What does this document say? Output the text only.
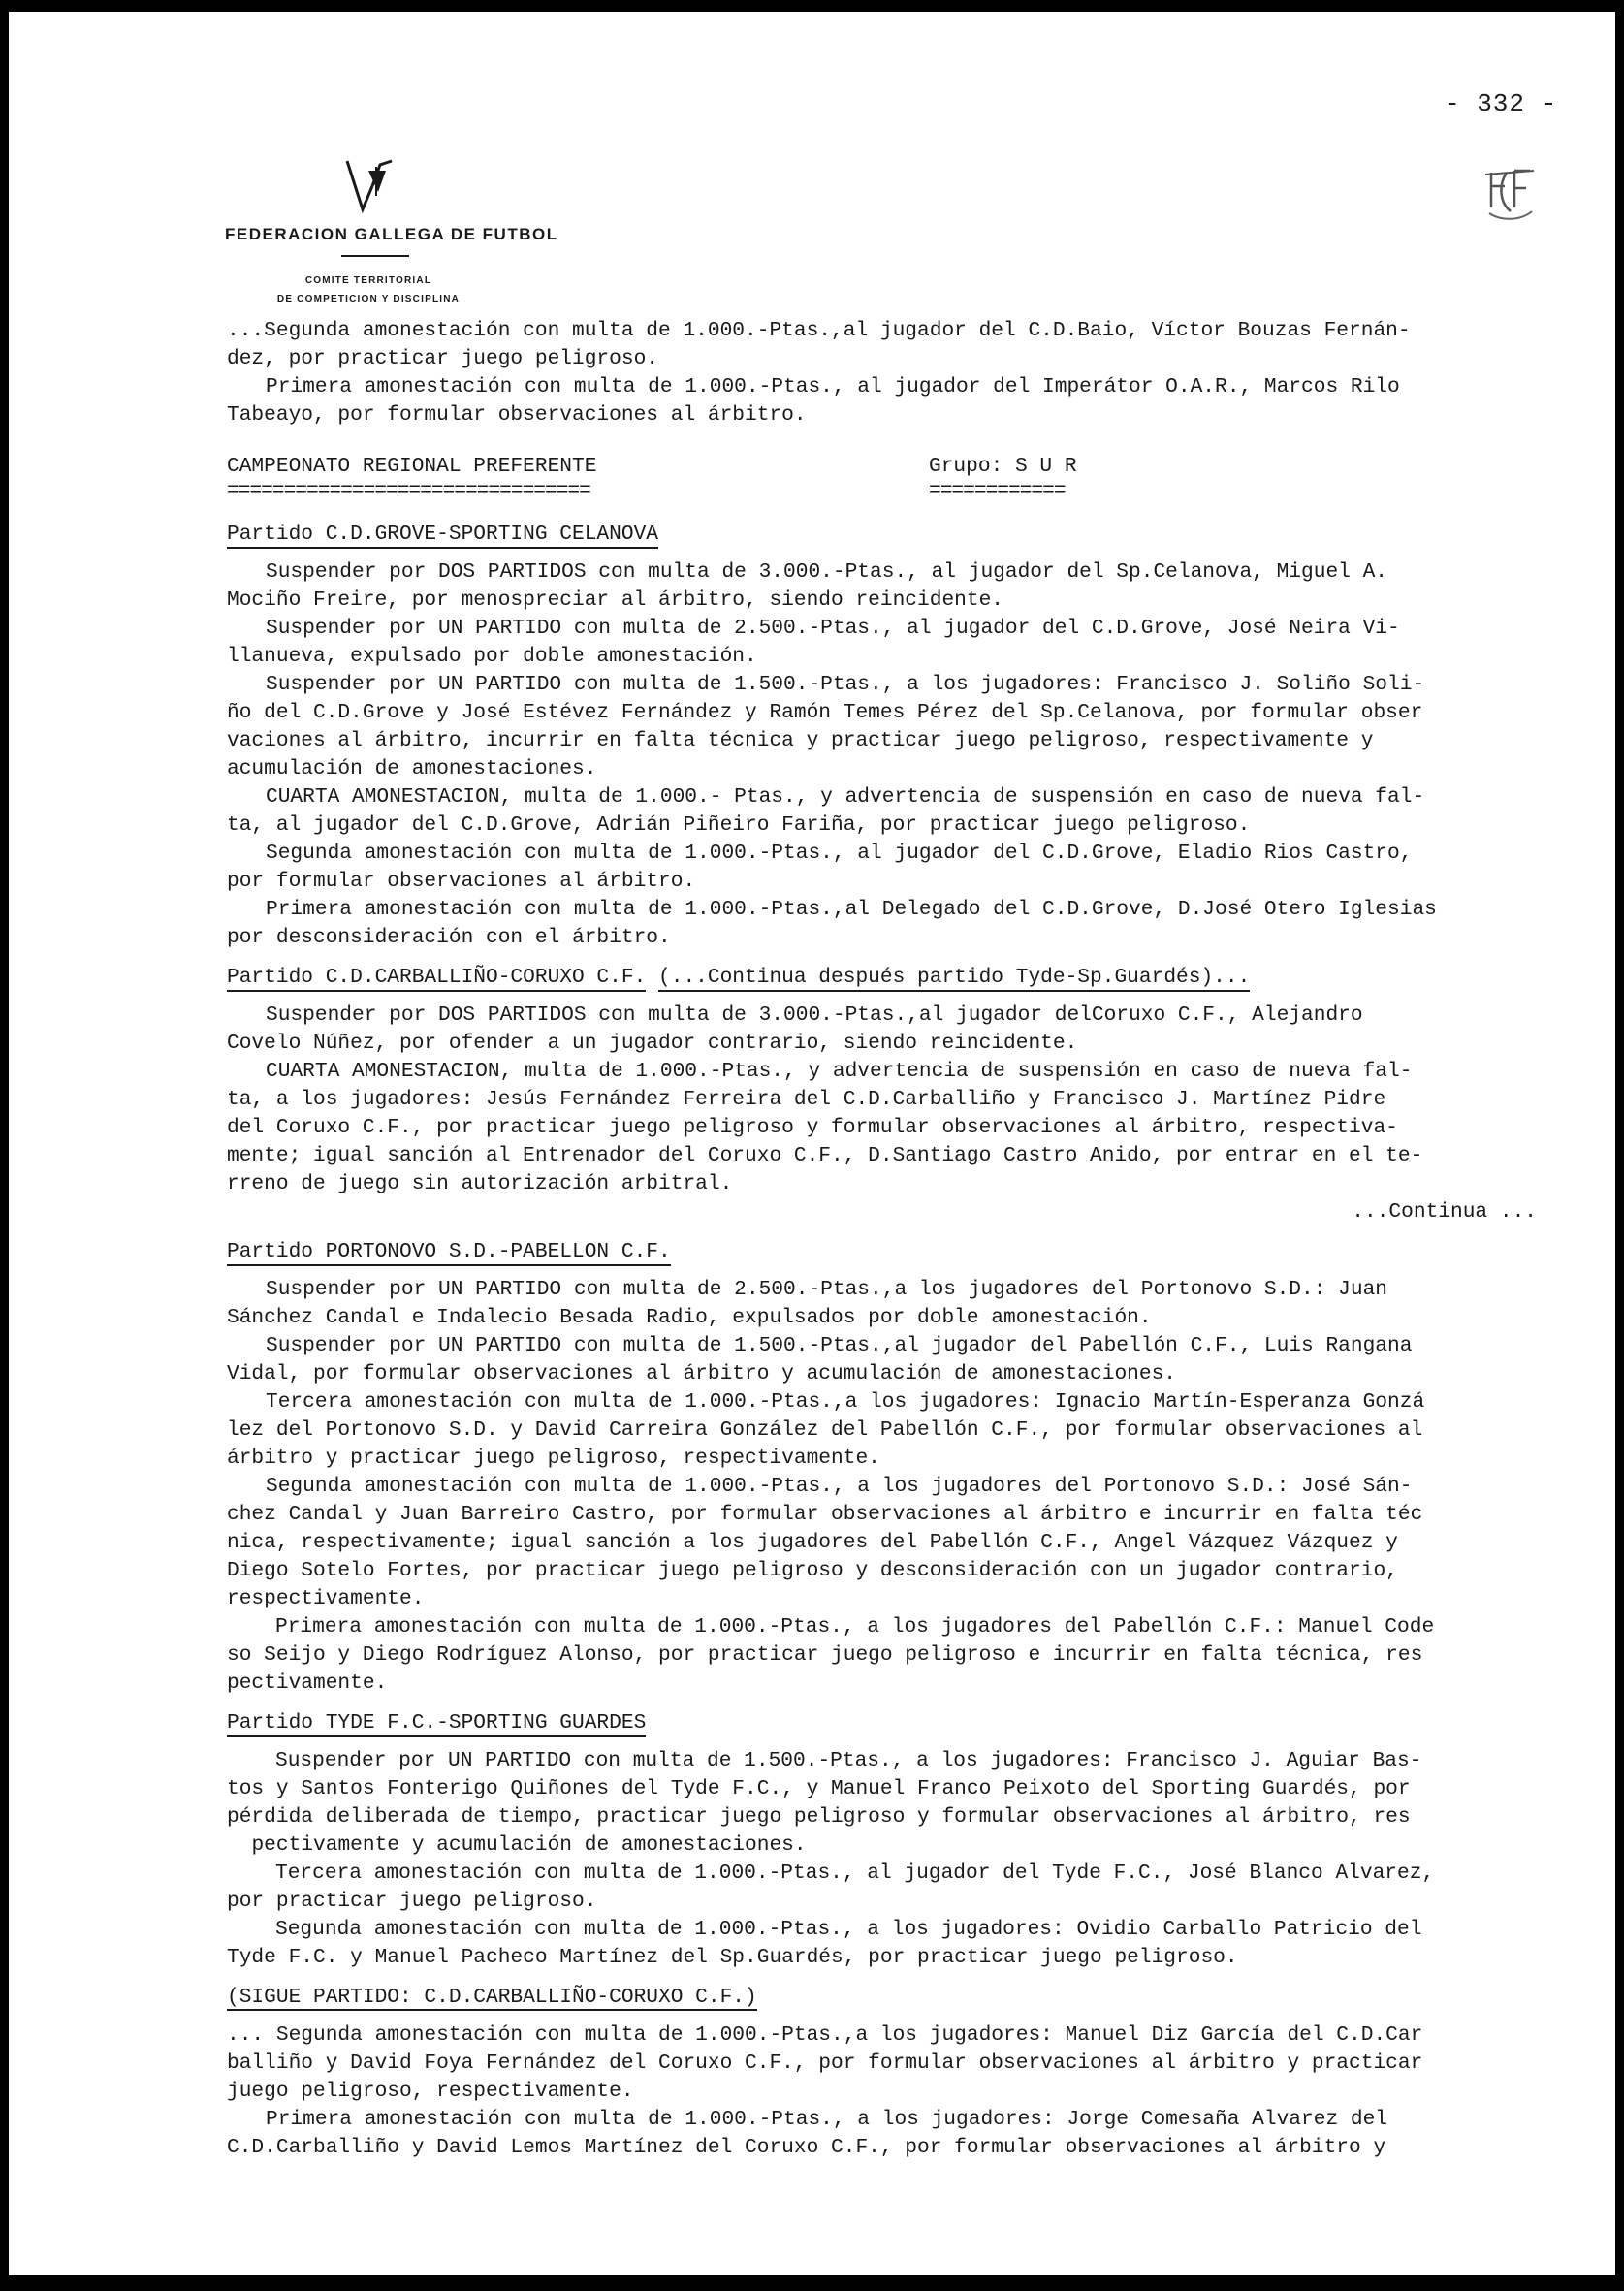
- 332 -
FEDERACION GALLEGA DE FUTBOL
COMITE TERRITORIAL
DE COMPETICION Y DISCIPLINA

...Segunda amonestación con multa de 1.000.-Ptas.,al jugador del C.D.Baio, Víctor Bouzas Fernán-
dez, por practicar juego peligroso.

Primera amonestación con multa de 1.000.-Ptas., al jugador del Imperátor O.A.R., Marcos Rilo
Tabeayo, por formular observaciones al árbitro.

CAMPEONATO REGIONAL PREFERENTE
================================
Grupo: S U R
============
Partido C.D.GROVE-SPORTING CELANOVA

Suspender por DOS PARTIDOS con multa de 3.000.-Ptas., al jugador del Sp.Celanova, Miguel A.
Mociño Freire, por menospreciar al árbitro, siendo reincidente.

Suspender por UN PARTIDO con multa de 2.500.-Ptas., al jugador del C.D.Grove, José Neira Vi-
llanueva, expulsado por doble amonestación.

Suspender por UN PARTIDO con multa de 1.500.-Ptas., a los jugadores: Francisco J. Soliño Soli-
ño del C.D.Grove y José Estévez Fernández y Ramón Temes Pérez del Sp.Celanova, por formular obser
vaciones al árbitro, incurrir en falta técnica y practicar juego peligroso, respectivamente y
acumulación de amonestaciones.

CUARTA AMONESTACION, multa de 1.000.- Ptas., y advertencia de suspensión en caso de nueva fal-
ta, al jugador del C.D.Grove, Adrián Piñeiro Fariña, por practicar juego peligroso.

Segunda amonestación con multa de 1.000.-Ptas., al jugador del C.D.Grove, Eladio Rios Castro,
por formular observaciones al árbitro.

Primera amonestación con multa de 1.000.-Ptas.,al Delegado del C.D.Grove, D.José Otero Iglesias
por desconsideración con el árbitro.

Partido C.D.CARBALLIÑO-CORUXO C.F. (...Continua después partido Tyde-Sp.Guardés)...

Suspender por DOS PARTIDOS con multa de 3.000.-Ptas.,al jugador delCoruxo C.F., Alejandro
Covelo Núñez, por ofender a un jugador contrario, siendo reincidente.

CUARTA AMONESTACION, multa de 1.000.-Ptas., y advertencia de suspensión en caso de nueva fal-
ta, a los jugadores: Jesús Fernández Ferreira del C.D.Carballiño y Francisco J. Martínez Pidre
del Coruxo C.F., por practicar juego peligroso y formular observaciones al árbitro, respectiva-
mente; igual sanción al Entrenador del Coruxo C.F., D.Santiago Castro Anido, por entrar en el te-
rreno de juego sin autorización arbitral.

...Continua ...

Partido PORTONOVO S.D.-PABELLON C.F.

Suspender por UN PARTIDO con multa de 2.500.-Ptas.,a los jugadores del Portonovo S.D.: Juan
Sánchez Candal e Indalecio Besada Radio, expulsados por doble amonestación.

Suspender por UN PARTIDO con multa de 1.500.-Ptas.,al jugador del Pabellón C.F., Luis Rangana
Vidal, por formular observaciones al árbitro y acumulación de amonestaciones.

Tercera amonestación con multa de 1.000.-Ptas.,a los jugadores: Ignacio Martín-Esperanza Gonzá
lez del Portonovo S.D. y David Carreira González del Pabellón C.F., por formular observaciones al
árbitro y practicar juego peligroso, respectivamente.

Segunda amonestación con multa de 1.000.-Ptas., a los jugadores del Portonovo S.D.: José Sán-
chez Candal y Juan Barreiro Castro, por formular observaciones al árbitro e incurrir en falta téc
nica, respectivamente; igual sanción a los jugadores del Pabellón C.F., Angel Vázquez Vázquez y
Diego Sotelo Fortes, por practicar juego peligroso y desconsideración con un jugador contrario,
respectivamente.

Primera amonestación con multa de 1.000.-Ptas., a los jugadores del Pabellón C.F.: Manuel Code
so Seijo y Diego Rodríguez Alonso, por practicar juego peligroso e incurrir en falta técnica, res
pectivamente.

Partido TYDE F.C.-SPORTING GUARDES

Suspender por UN PARTIDO con multa de 1.500.-Ptas., a los jugadores: Francisco J. Aguiar Bas-
tos y Santos Fonterigo Quiñones del Tyde F.C., y Manuel Franco Peixoto del Sporting Guardés, por
pérdida deliberada de tiempo, practicar juego peligroso y formular observaciones al árbitro, res
pectivamente y acumulación de amonestaciones.

Tercera amonestación con multa de 1.000.-Ptas., al jugador del Tyde F.C., José Blanco Alvarez,
por practicar juego peligroso.

Segunda amonestación con multa de 1.000.-Ptas., a los jugadores: Ovidio Carballo Patricio del
Tyde F.C. y Manuel Pacheco Martínez del Sp.Guardés, por practicar juego peligroso.

(SIGUE PARTIDO: C.D.CARBALLIÑO-CORUXO C.F.)

... Segunda amonestación con multa de 1.000.-Ptas.,a los jugadores: Manuel Diz García del C.D.Car
balliño y David Foya Fernández del Coruxo C.F., por formular observaciones al árbitro y practicar
juego peligroso, respectivamente.

Primera amonestación con multa de 1.000.-Ptas., a los jugadores: Jorge Comesaña Alvarez del
C.D.Carballiño y David Lemos Martínez del Coruxo C.F., por formular observaciones al árbitro y
